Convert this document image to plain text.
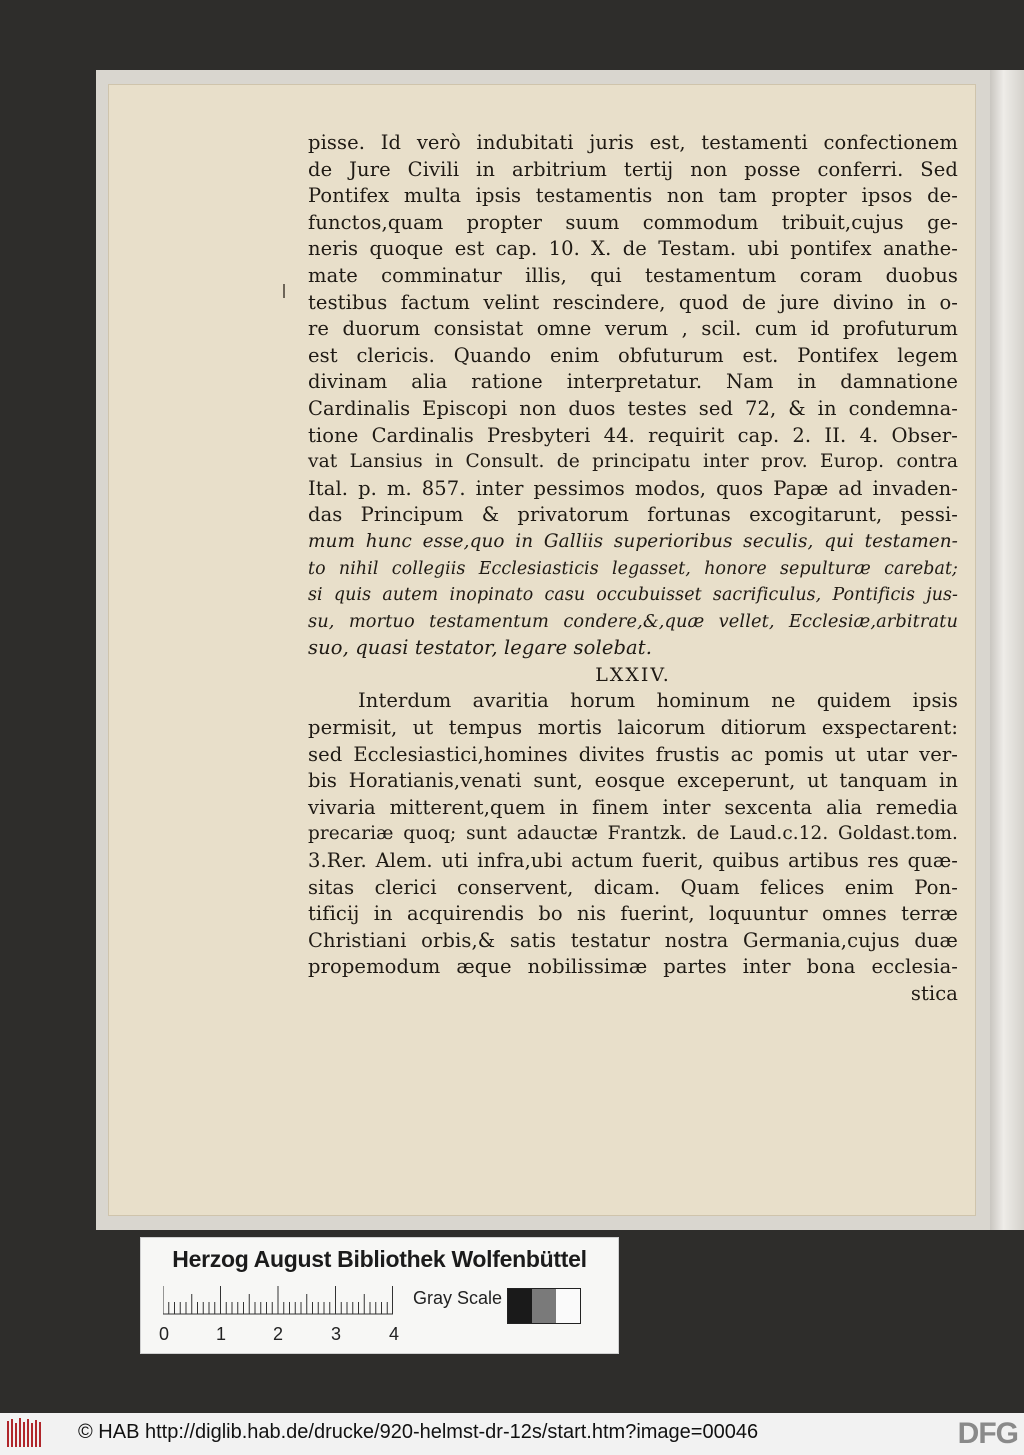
pisse. Id verò indubitati juris est, testamenti confectionem
de Jure Civili in arbitrium tertij non posse conferri. Sed
Pontifex multa ipsis testamentis non tam propter ipsos de-
functos,quam propter suum commodum tribuit,cujus ge-
neris quoque est cap. 10. X. de Testam. ubi pontifex anathe-
mate comminatur illis, qui testamentum coram duobus
testibus factum velint rescindere, quod de jure divino in o-
re duorum consistat omne verum , scil. cum id profuturum
est clericis. Quando enim obfuturum est. Pontifex legem
divinam alia ratione interpretatur. Nam in damnatione
Cardinalis Episcopi non duos testes sed 72, & in condemna-
tione Cardinalis Presbyteri 44. requirit cap. 2. II. 4. Obser-
vat Lansius in Consult. de principatu inter prov. Europ. contra
Ital. p. m. 857. inter pessimos modos, quos Papæ ad invaden-
das Principum & privatorum fortunas excogitarunt, pessi-
mum hunc esse,quo in Galliis superioribus seculis, qui testamen-
to nihil collegiis Ecclesiasticis legasset, honore sepulturæ carebat;
si quis autem inopinato casu occubuisset sacrificulus, Pontificis jus-
su, mortuo testamentum condere,&,quæ vellet, Ecclesiæ,arbitratu
suo, quasi testator, legare solebat.
LXXIV.
Interdum avaritia horum hominum ne quidem ipsis
permisit, ut tempus mortis laicorum ditiorum exspectarent:
sed Ecclesiastici,homines divites frustis ac pomis ut utar ver-
bis Horatianis,venati sunt, eosque exceperunt, ut tanquam in
vivaria mitterent,quem in finem inter sexcenta alia remedia
precariæ quoq; sunt adauctæ Frantzk. de Laud.c.12. Goldast.tom.
3.Rer. Alem. uti infra,ubi actum fuerit, quibus artibus res quæ-
sitas clerici conservent, dicam. Quam felices enim Pon-
tificij in acquirendis bo nis fuerint, loquuntur omnes terræ
Christiani orbis,& satis testatur nostra Germania,cujus duæ
propemodum æque nobilissimæ partes inter bona ecclesia-
stica
Herzog August Bibliothek Wolfenbüttel
Gray Scale
0	1	2	3	4
© HAB http://diglib.hab.de/drucke/920-helmst-dr-12s/start.htm?image=00046	DFG
